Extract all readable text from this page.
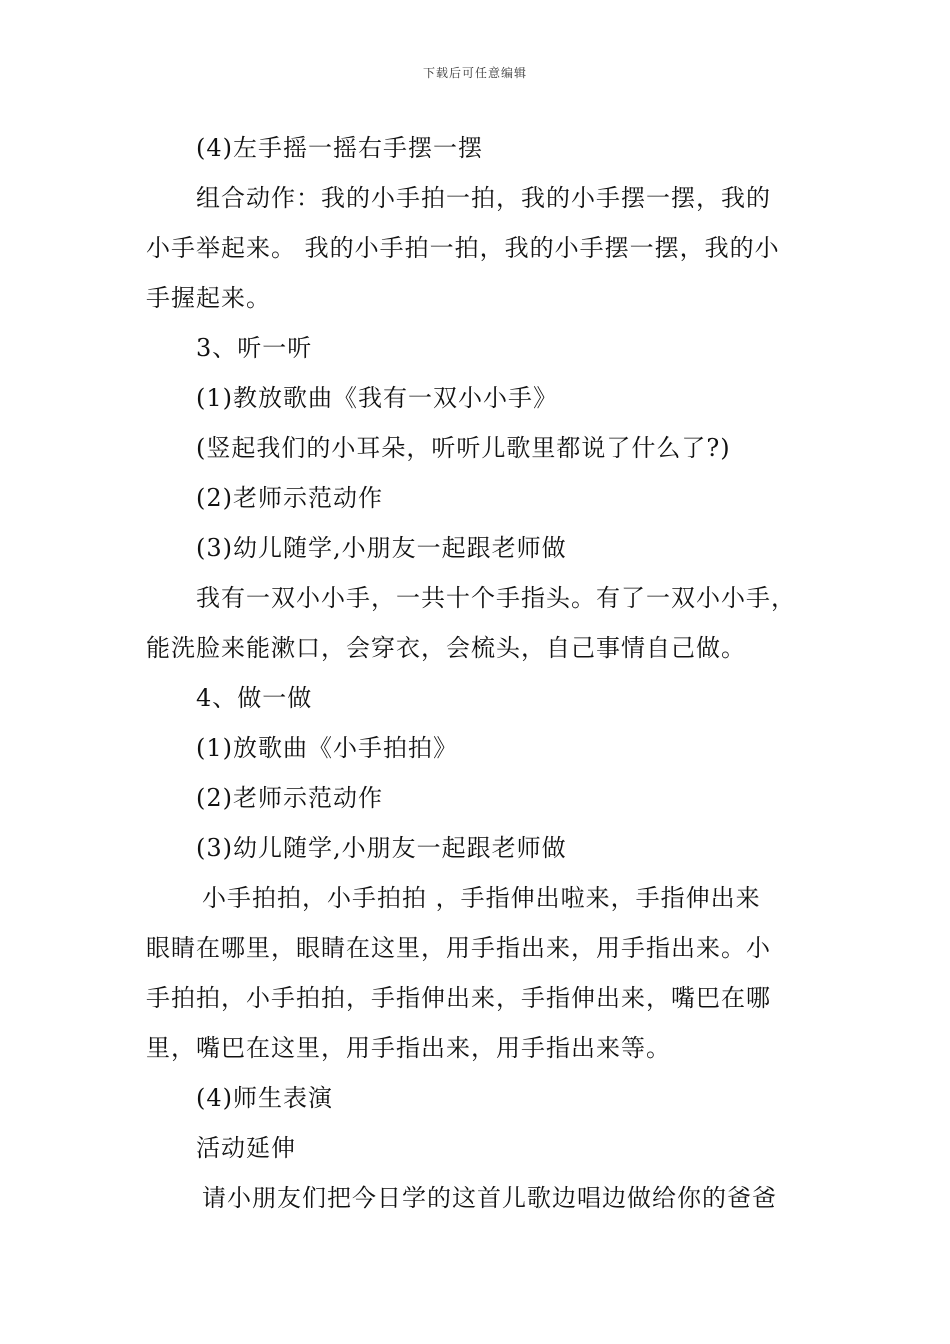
下载后可任意编辑
(4)左手摇一摇右手摆一摆
组合动作：我的小手拍一拍，我的小手摆一摆，我的
小手举起来。 我的小手拍一拍，我的小手摆一摆，我的小
手握起来。
3、听一听
(1)教放歌曲《我有一双小小手》
(竖起我们的小耳朵，听听儿歌里都说了什么了?)
(2)老师示范动作
(3)幼儿随学,小朋友一起跟老师做
我有一双小小手，一共十个手指头。有了一双小小手，
能洗脸来能漱口，会穿衣，会梳头，自己事情自己做。
4、做一做
(1)放歌曲《小手拍拍》
(2)老师示范动作
(3)幼儿随学,小朋友一起跟老师做
小手拍拍，小手拍拍 ，手指伸出啦来，手指伸出来
眼睛在哪里，眼睛在这里，用手指出来，用手指出来。小
手拍拍，小手拍拍，手指伸出来，手指伸出来，嘴巴在哪
里，嘴巴在这里，用手指出来，用手指出来等。
(4)师生表演
活动延伸
请小朋友们把今日学的这首儿歌边唱边做给你的爸爸
